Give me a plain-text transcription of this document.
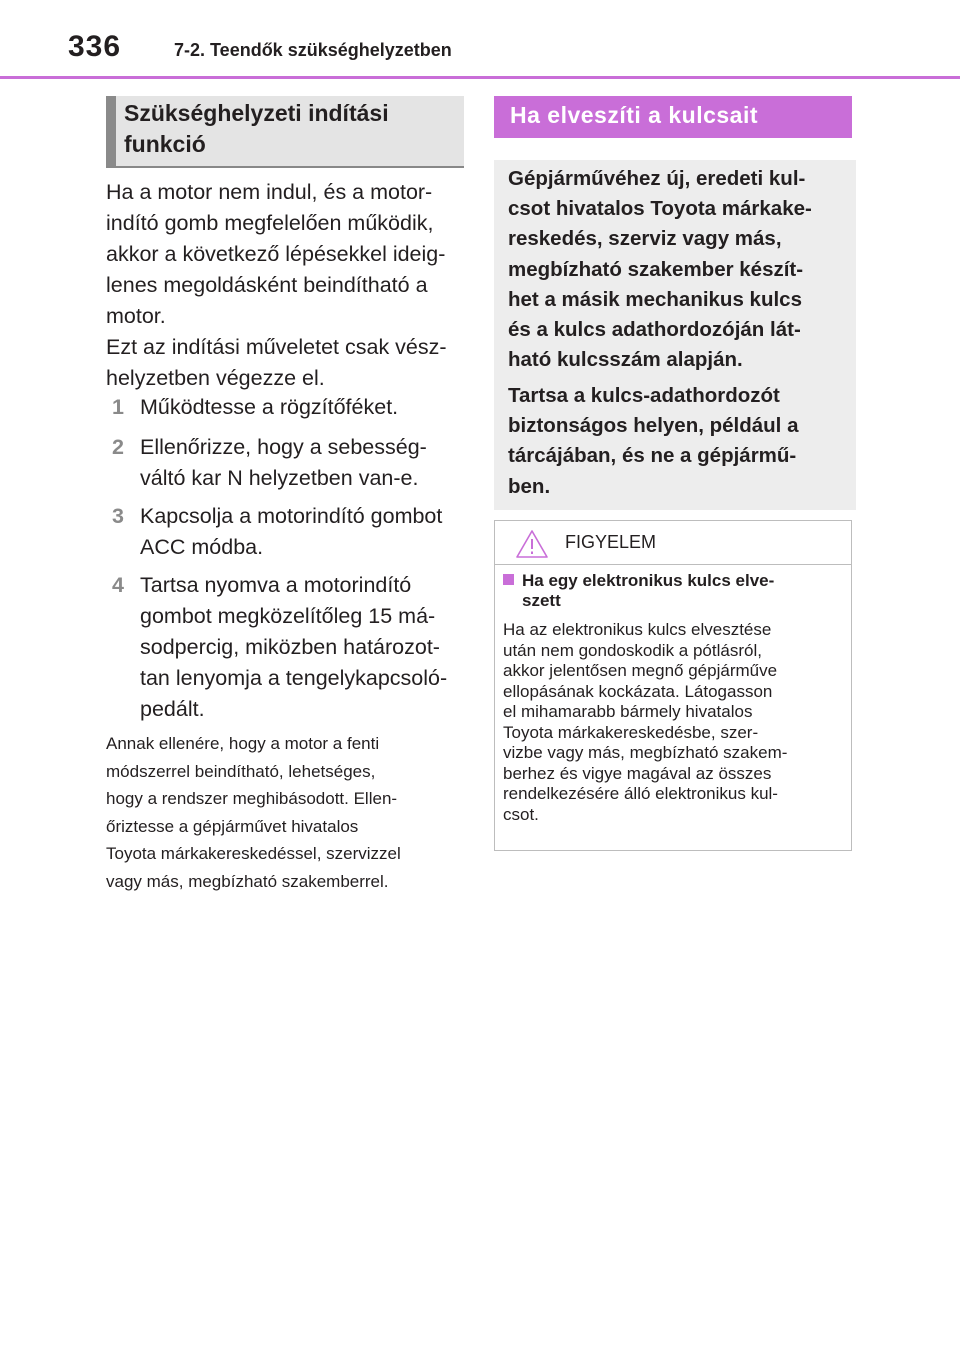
336	7-2. Teendők szükséghelyzetben
Szükséghelyzeti indítási
funkció
Ha a motor nem indul, és a motor-
indító gomb megfelelően működik,
akkor a következő lépésekkel ideig-
lenes megoldásként beindítható a
motor.
Ezt az indítási műveletet csak vész-
helyzetben végezze el.
1 Működtesse a rögzítőféket.
2 Ellenőrizze, hogy a sebesség-
váltó kar N helyzetben van-e.
3 Kapcsolja a motorindító gombot
ACC módba.
4 Tartsa nyomva a motorindító
gombot megközelítőleg 15 má-
sodpercig, miközben határozot-
tan lenyomja a tengelykapcsoló-
pedált.
Annak ellenére, hogy a motor a fenti
módszerrel beindítható, lehetséges,
hogy a rendszer meghibásodott. Ellen-
őriztesse a gépjárművet hivatalos
Toyota márkakereskedéssel, szervizzel
vagy más, megbízható szakemberrel.
Ha elveszíti a kulcsait
Gépjárművéhez új, eredeti kul-
csot hivatalos Toyota márkake-
reskedés, szerviz vagy más,
megbízható szakember készít-
het a másik mechanikus kulcs
és a kulcs adathordozóján lát-
ható kulcsszám alapján.
Tartsa a kulcs-adathordozót
biztonságos helyen, például a
tárcájában, és ne a gépjármű-
ben.
FIGYELEM
Ha egy elektronikus kulcs elve-
szett
Ha az elektronikus kulcs elvesztése
után nem gondoskodik a pótlásról,
akkor jelentősen megnő gépjárműve
ellopásának kockázata. Látogasson
el mihamarabb bármely hivatalos
Toyota márkakereskedésbe, szer-
vizbe vagy más, megbízható szakem-
berhez és vigye magával az összes
rendelkezésére álló elektronikus kul-
csot.
